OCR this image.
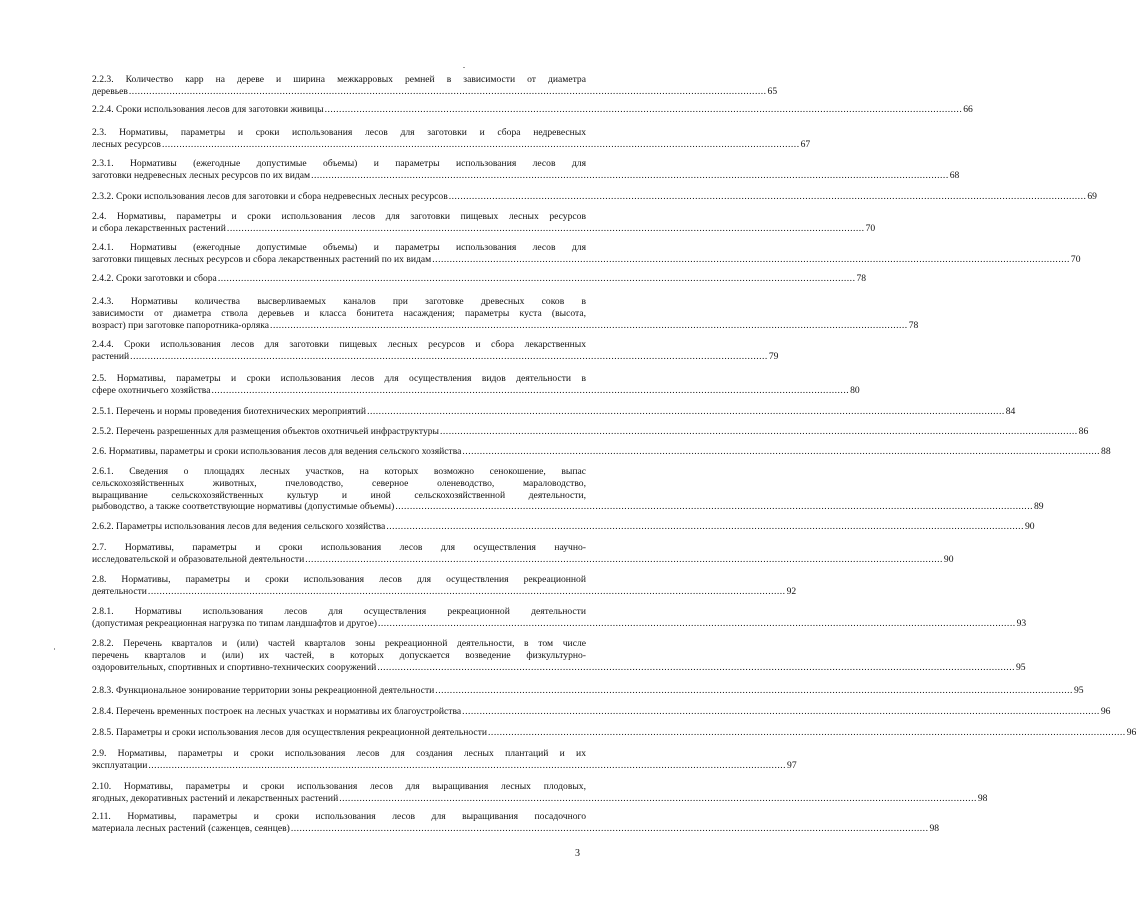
2.2.3. Количество карр на дереве и ширина межкарровых ремней в зависимости от диаметра
деревьев ............................................................................................................................................................................................................................ 65
2.2.4. Сроки использования лесов для заготовки живицы ............................................................................................................................................................................................................................ 66
2.3. Нормативы, параметры и сроки использования лесов для заготовки и сбора недревесных
лесных ресурсов ............................................................................................................................................................................................................................ 67
2.3.1. Нормативы (ежегодные допустимые объемы) и параметры использования лесов для
заготовки недревесных лесных ресурсов по их видам ............................................................................................................................................................................................................................ 68
2.3.2. Сроки использования лесов для заготовки и сбора недревесных лесных ресурсов ............................................................................................................................................................................................................................ 69
2.4. Нормативы, параметры и сроки использования лесов для заготовки пищевых лесных ресурсов
и сбора лекарственных растений ............................................................................................................................................................................................................................ 70
2.4.1. Нормативы (ежегодные допустимые объемы) и параметры использования лесов для
заготовки пищевых лесных ресурсов и сбора лекарственных растений по их видам ............................................................................................................................................................................................................................ 70
2.4.2. Сроки заготовки и сбора ............................................................................................................................................................................................................................ 78
2.4.3. Нормативы количества высверливаемых каналов при заготовке древесных соков в
зависимости от диаметра ствола деревьев и класса бонитета насаждения; параметры куста (высота,
возраст) при заготовке папоротника-орляка ............................................................................................................................................................................................................................ 78
2.4.4. Сроки использования лесов для заготовки пищевых лесных ресурсов и сбора лекарственных
растений ............................................................................................................................................................................................................................ 79
2.5. Нормативы, параметры и сроки использования лесов для осуществления видов деятельности в
сфере охотничьего хозяйства ............................................................................................................................................................................................................................ 80
2.5.1. Перечень и нормы проведения биотехнических мероприятий ............................................................................................................................................................................................................................ 84
2.5.2. Перечень разрешенных для размещения объектов охотничьей инфраструктуры ............................................................................................................................................................................................................................ 86
2.6. Нормативы, параметры и сроки использования лесов для ведения сельского хозяйства ............................................................................................................................................................................................................................ 88
2.6.1. Сведения о площадях лесных участков, на которых возможно сенокошение, выпас
сельскохозяйственных животных, пчеловодство, северное оленеводство, мараловодство,
выращивание сельскохозяйственных культур и иной сельскохозяйственной деятельности,
рыбоводство, а также соответствующие нормативы (допустимые объемы) ............................................................................................................................................................................................................................ 89
2.6.2. Параметры использования лесов для ведения сельского хозяйства ............................................................................................................................................................................................................................ 90
2.7. Нормативы, параметры и сроки использования лесов для осуществления научно-
исследовательской и образовательной деятельности ............................................................................................................................................................................................................................ 90
2.8. Нормативы, параметры и сроки использования лесов для осуществления рекреационной
деятельности ............................................................................................................................................................................................................................ 92
2.8.1. Нормативы использования лесов для осуществления рекреационной деятельности
(допустимая рекреационная нагрузка по типам ландшафтов и другое) ............................................................................................................................................................................................................................ 93
2.8.2. Перечень кварталов и (или) частей кварталов зоны рекреационной деятельности, в том числе
перечень кварталов и (или) их частей, в которых допускается возведение физкультурно-
оздоровительных, спортивных и спортивно-технических сооружений ............................................................................................................................................................................................................................ 95
2.8.3. Функциональное зонирование территории зоны рекреационной деятельности ............................................................................................................................................................................................................................ 95
2.8.4. Перечень временных построек на лесных участках и нормативы их благоустройства ............................................................................................................................................................................................................................ 96
2.8.5. Параметры и сроки использования лесов для осуществления рекреационной деятельности ............................................................................................................................................................................................................................ 96
2.9. Нормативы, параметры и сроки использования лесов для создания лесных плантаций и их
эксплуатации ............................................................................................................................................................................................................................ 97
2.10. Нормативы, параметры и сроки использования лесов для выращивания лесных плодовых,
ягодных, декоративных растений и лекарственных растений ............................................................................................................................................................................................................................ 98
2.11. Нормативы, параметры и сроки использования лесов для выращивания посадочного
материала лесных растений (саженцев, сеянцев) ............................................................................................................................................................................................................................ 98
3
